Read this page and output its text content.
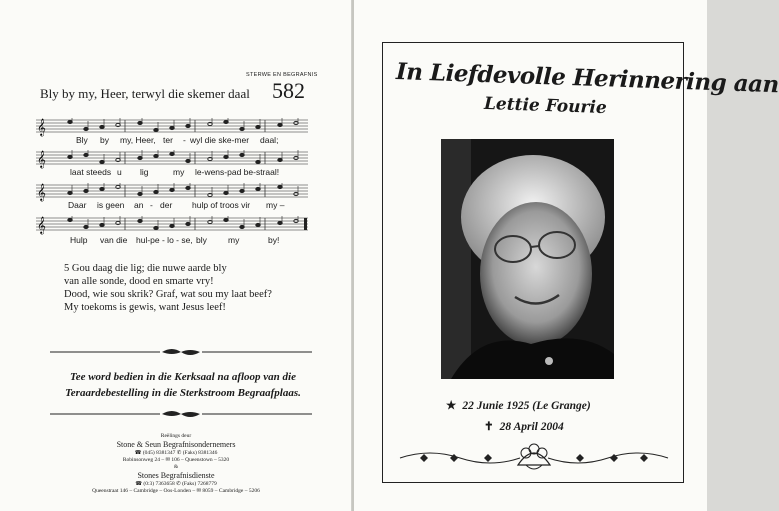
STERWE EN BEGRAFNIS
Bly by my, Heer, terwyl die skemer daal 582
𝄞
𝄞
𝄞
𝄞
Bly by my, Heer, ter - wyl die ske-mer daal;
laat steeds u lig	my le-wens-pad be-straal!
Daar is geen an - der hulp of troos vir my –
Hulp van die hul-pe - lo - se, bly my	by!
5 Gou daag die lig; die nuwe aarde bly
van alle sonde, dood en smarte vry!
Dood, wie sou skrik? Graf, wat sou my laat beef?
My toekoms is gewis, want Jesus leef!
Tee word bedien in die Kerksaal na afloop van die
Teraardebestelling in die Sterkstroom Begraafplaas.
Reëlings deur
Stone & Seun Begrafnisondernemers
☎ (045) 8381347 ✆ (Faks) 8381346
Robinsonweg 24 – ✉ 106 – Queenstown – 5320
&
Stones Begrafnisdienste
☎ (0:3) 7363658 ✆ (Faks) 7268779
Queenstraat 146 – Cambridge – Oos-Londen – ✉ 8059 – Cambridge – 5206
In Liefdevolle Herinnering aan
Lettie Fourie
★ 22 Junie 1925 (Le Grange)
✝ 28 April 2004
